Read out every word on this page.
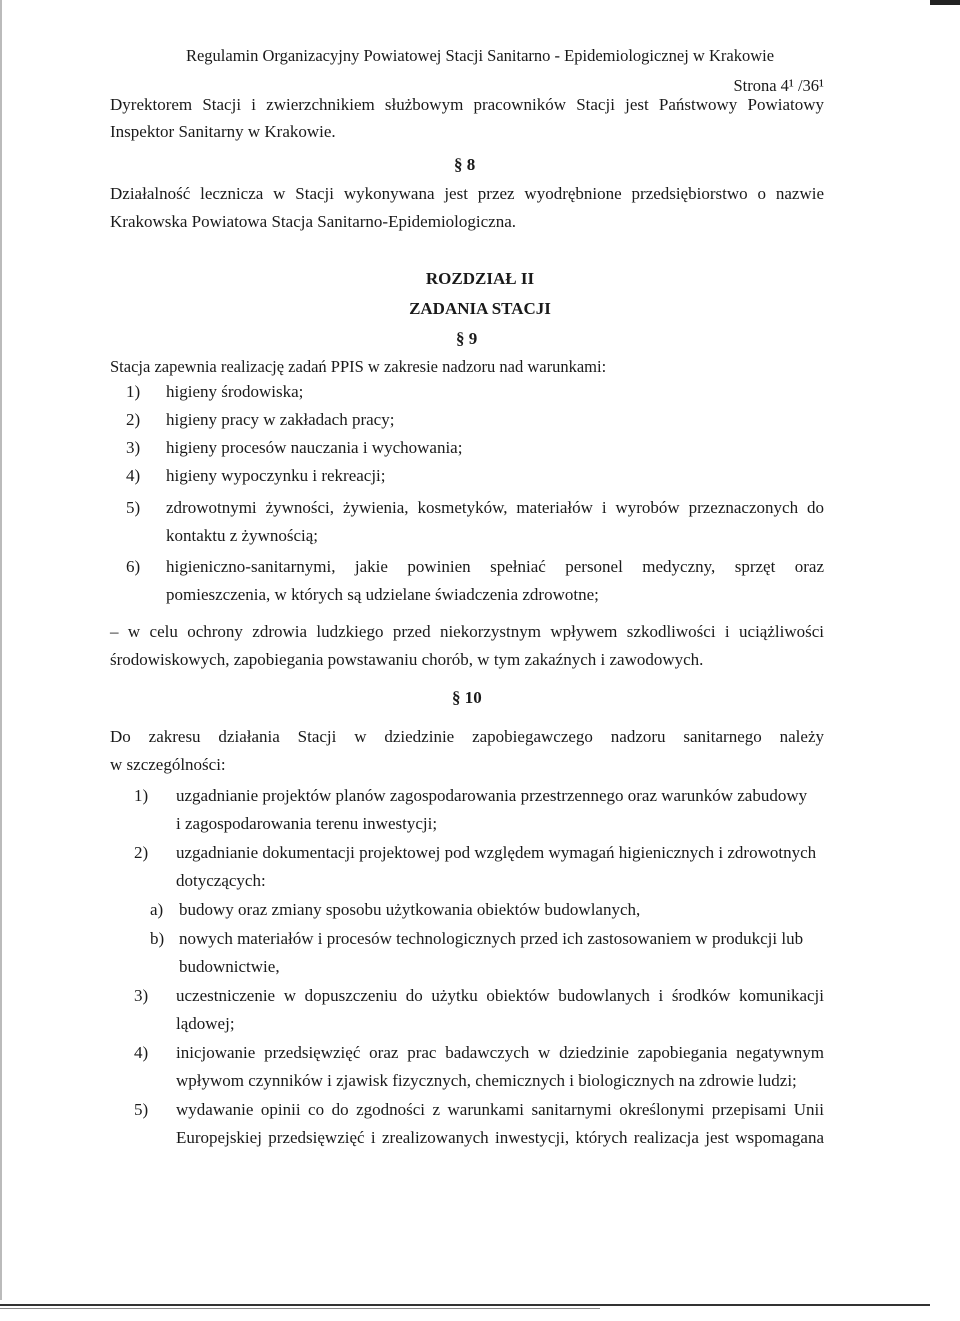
Regulamin Organizacyjny Powiatowej Stacji Sanitarno - Epidemiologicznej w Krakowie
Strona 4¹ /36¹
Dyrektorem Stacji i zwierzchnikiem służbowym pracowników Stacji jest Państwowy Powiatowy
Inspektor Sanitarny w Krakowie.
§ 8
Działalność lecznicza w Stacji wykonywana jest przez wyodrębnione przedsiębiorstwo o nazwie
Krakowska Powiatowa Stacja Sanitarno-Epidemiologiczna.
ROZDZIAŁ II
ZADANIA STACJI
§ 9
Stacja zapewnia realizację zadań PPIS w zakresie nadzoru nad warunkami:
1) higieny środowiska;
2) higieny pracy w zakładach pracy;
3) higieny procesów nauczania i wychowania;
4) higieny wypoczynku i rekreacji;
5) zdrowotnymi żywności, żywienia, kosmetyków, materiałów i wyrobów przeznaczonych do
kontaktu z żywnością;
6) higieniczno-sanitarnymi, jakie powinien spełniać personel medyczny, sprzęt oraz
pomieszczenia, w których są udzielane świadczenia zdrowotne;
– w celu ochrony zdrowia ludzkiego przed niekorzystnym wpływem szkodliwości i uciążliwości
środowiskowych, zapobiegania powstawaniu chorób, w tym zakaźnych i zawodowych.
§ 10
Do zakresu działania Stacji w dziedzinie zapobiegawczego nadzoru sanitarnego należy
w szczególności:
1) uzgadnianie projektów planów zagospodarowania przestrzennego oraz warunków zabudowy
i zagospodarowania terenu inwestycji;
2) uzgadnianie dokumentacji projektowej pod względem wymagań higienicznych i zdrowotnych
dotyczących:
a) budowy oraz zmiany sposobu użytkowania obiektów budowlanych,
b) nowych materiałów i procesów technologicznych przed ich zastosowaniem w produkcji lub
budownictwie,
3) uczestniczenie w dopuszczeniu do użytku obiektów budowlanych i środków komunikacji
lądowej;
4) inicjowanie przedsięwzięć oraz prac badawczych w dziedzinie zapobiegania negatywnym
wpływom czynników i zjawisk fizycznych, chemicznych i biologicznych na zdrowie ludzi;
5) wydawanie opinii co do zgodności z warunkami sanitarnymi określonymi przepisami Unii
Europejskiej przedsięwzięć i zrealizowanych inwestycji, których realizacja jest wspomagana
